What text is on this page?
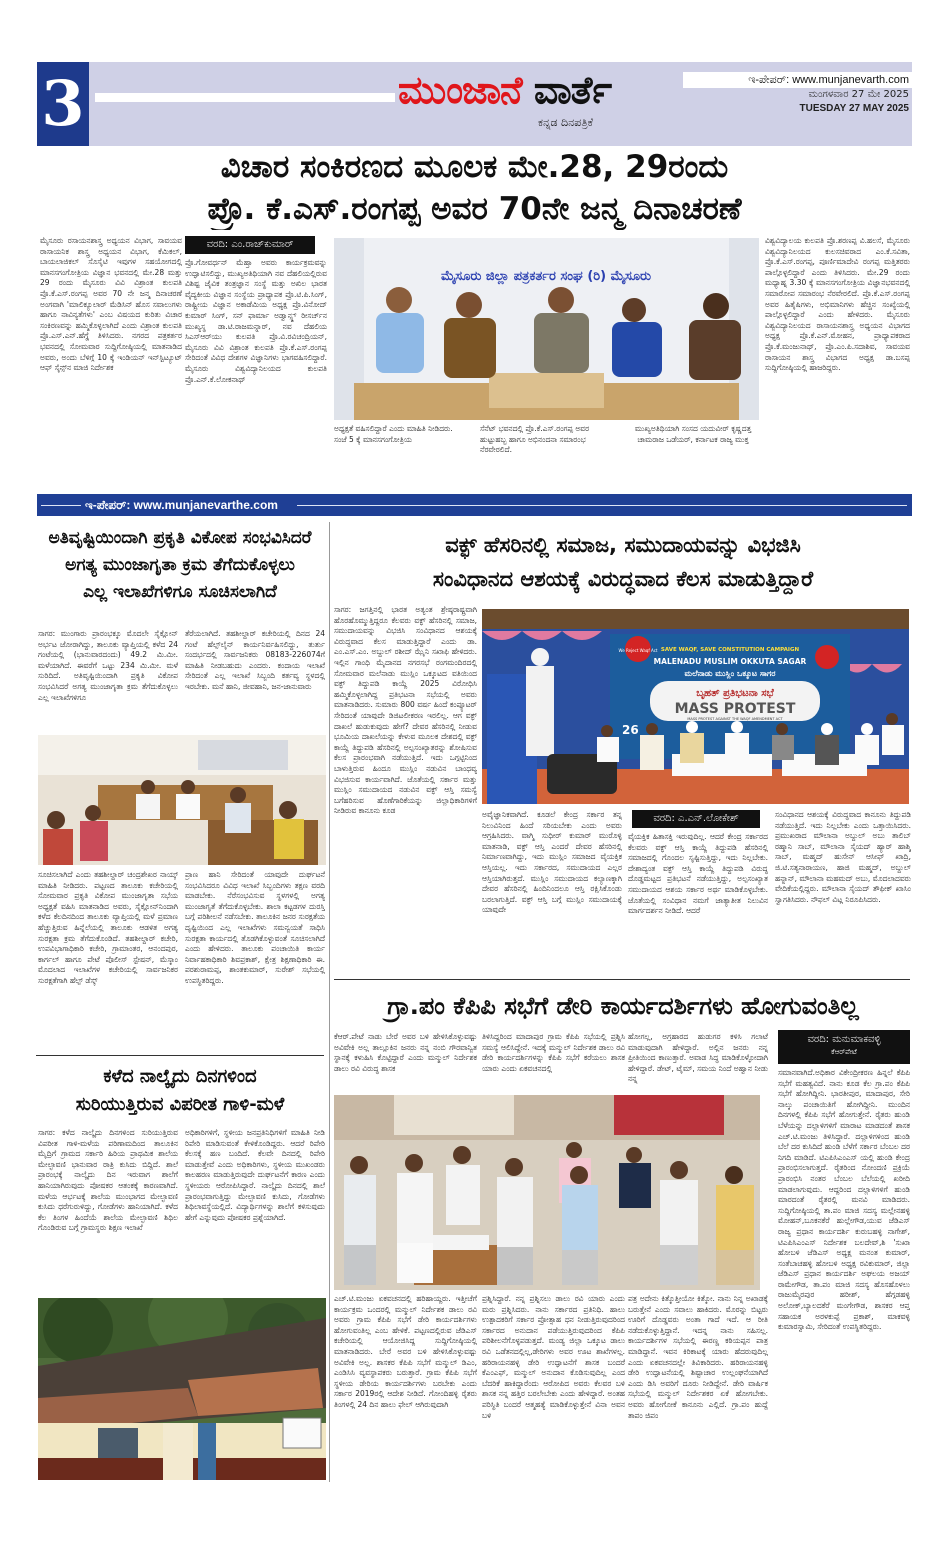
3	ಮುಂಜಾನೆ ವಾರ್ತೆ
ಕನ್ನಡ ದಿನಪತ್ರಿಕೆ
ಇ-ಪೇಪರ್: www.munjanevarth.com
ಮಂಗಳವಾರ 27 ಮೇ 2025
TUESDAY 27 MAY 2025
ವಿಚಾರ ಸಂಕಿರಣದ ಮೂಲಕ ಮೇ.28, 29ರಂದು
ಪ್ರೊ. ಕೆ.ಎಸ್.ರಂಗಪ್ಪ ಅವರ 70ನೇ ಜನ್ಮ ದಿನಾಚರಣೆ
ಮೈಸೂರು ರಸಾಯನಶಾಸ್ತ್ರ ಅಧ್ಯಯನ ವಿಭಾಗ, ಸಾವಯವ ರಾಸಾಯನಿಕ ಶಾಸ್ತ್ರ ಅಧ್ಯಯನ ವಿಭಾಗ, ಕೆಮಿಕಲ್, ಬಾಯಲಾಜಿಕಲ್ ಸೊಸೈಟಿ ಇವುಗಳ ಸಹಯೋಗದಲ್ಲಿ ಮಾನಸಗಂಗೋತ್ರಿಯ ವಿಜ್ಞಾನ ಭವನದಲ್ಲಿ ಮೇ.28 ಮತ್ತು 29 ರಂದು ಮೈಸೂರು ವಿವಿ ವಿಶ್ರಾಂತ ಕುಲಪತಿ ಪ್ರೊ.ಕೆ.ಎಸ್.ರಂಗಪ್ಪ ಅವರ 70 ನೇ ಜನ್ಮ ದಿನಾಚರಣೆ ಅಂಗವಾಗಿ 'ಮಾಲಿಕ್ಯೂಲಾರ್ ಮೆಡಿಸಿನ್ ಹೊಸ ಸವಾಲುಗಳು ಹಾಗೂ ನಾವಿನ್ಯತೆಗಳು' ಎಂಬ ವಿಷಯದ ಕುರಿತು ವಿಚಾರ ಸಂಕಿರಣವನ್ನು ಹಮ್ಮಿಕೊಳ್ಳಲಾಗಿದೆ ಎಂದು ವಿಶ್ರಾಂತ ಕುಲಪತಿ ಪ್ರೊ.ಎಸ್.ಎನ್.ಹೆಗ್ಡೆ ತಿಳಿಸಿದರು. ನಗರದ ಪತ್ರಕರ್ತರ ಭವನದಲ್ಲಿ ಸೋಮವಾರ ಸುದ್ದಿಗೋಷ್ಠಿಯಲ್ಲಿ ಮಾತನಾಡಿದ ಅವರು, ಅಂದು ಬೆಳಿಗ್ಗೆ 10 ಕ್ಕೆ ಇಂಡಿಯನ್ ಇನ್‌ಸ್ಟಿಟ್ಯೂಟ್ ಆಫ್ ಸೈನ್ಸ್‌ನ ಮಾಜಿ ನಿರ್ದೇಶಕ
ವರದಿ: ಎಂ.ರಾಜ್‌ಕುಮಾರ್
ಪ್ರೊ.ಗೋವರ್ಧನ್ ಮೆಹ್ತಾ ಅವರು ಕಾರ್ಯಕ್ರಮವನ್ನು ಉದ್ಘಾಟಿಸಲಿದ್ದು, ಮುಖ್ಯಅತಿಥಿಯಾಗಿ ನವ ದೆಹಲಿಯಲ್ಲಿರುವ ವಿಶಿಷ್ಟ ಜೈವಿಕ ತಂತ್ರಜ್ಞಾನ ಸಂಸ್ಥೆ ಮತ್ತು ಅಖಿಲ ಭಾರತ ವೈದ್ಯಕೀಯ ವಿಜ್ಞಾನ ಸಂಸ್ಥೆಯ ಪ್ರಾಧ್ಯಾಪಕ ಪ್ರೊ.ಟಿ.ಪಿ.ಸಿಂಗ್, ರಾಷ್ಟ್ರೀಯ ವಿಜ್ಞಾನ ಅಕಾಡೆಮಿಯ ಅಧ್ಯಕ್ಷ ಪ್ರೊ.ವಿನೋದ್ ಕುಮಾರ್ ಸಿಂಗ್, ಸನ್ ಫಾರ್ಮಾ ಅಡ್ವಾನ್ಸ್ಡ್ ರೀಸರ್ಚ್‌ನ ಮುಖ್ಯಸ್ಥ ಡಾ.ಟಿ.ರಾಜಮನ್ನಾರ್, ನವ ದೆಹಲಿಯ ಸಿಎಸ್‌ಆರ್‌ಯು ಕುಲಪತಿ ಪ್ರೊ.ವಿ.ರವಿಚಂದ್ರಿಯನ್, ಮೈಸೂರು ವಿವಿ ವಿಶ್ರಾಂತ ಕುಲಪತಿ ಪ್ರೊ.ಕೆ.ಎಸ್.ರಂಗಪ್ಪ ಸೇರಿದಂತೆ ವಿವಿಧ ದೇಶಗಳ ವಿಜ್ಞಾನಿಗಳು ಭಾಗವಹಿಸಲಿದ್ದಾರೆ. ಮೈಸೂರು ವಿಶ್ವವಿದ್ಯಾನಿಲಯದ ಕುಲಪತಿ ಪ್ರೊ.ಎನ್.ಕೆ.ಲೋಕನಾಥ್
ಮೈಸೂರು ಜಿಲ್ಲಾ ಪತ್ರಕರ್ತರ ಸಂಘ (ರಿ) ಮೈಸೂರು
ಅಧ್ಯಕ್ಷತೆ ವಹಿಸಲಿದ್ದಾರೆ ಎಂದು ಮಾಹಿತಿ ನೀಡಿದರು. ಸಂಜೆ 5 ಕ್ಕೆ ಮಾನಸಗಂಗೋತ್ರಿಯ
ಸೆನೆಟ್ ಭವನದಲ್ಲಿ ಪ್ರೊ.ಕೆ.ಎಸ್.ರಂಗಪ್ಪ ಅವರ ಹುಟ್ಟುಹಬ್ಬ ಹಾಗೂ ಅಭಿನಂದನಾ ಸಮಾರಂಭ ನೆರವೇರಲಿದೆ.
ಮುಖ್ಯಅತಿಥಿಯಾಗಿ ಸಂಸದ ಯದುವೀರ್ ಕೃಷ್ಣದತ್ತ ಚಾಮರಾಜ ಒಡೆಯರ್, ಕರ್ನಾಟಕ ರಾಜ್ಯ ಮುಕ್ತ
ವಿಶ್ವವಿದ್ಯಾಲಯ ಕುಲಪತಿ ಪ್ರೊ.ಶರಣಪ್ಪ ವಿ.ಹಲಸೆ, ಮೈಸೂರು ವಿಶ್ವವಿದ್ಯಾನಿಲಯದ ಕುಲಸಚಿವರಾದ ಎಂ.ಕೆ.ಸವಿತಾ, ಪ್ರೊ.ಕೆ.ಎಸ್.ರಂಗಪ್ಪ, ಪೂರ್ಣಿಮಾದೇವಿ ರಂಗಪ್ಪ ಮತ್ತಿತರರು ಪಾಲ್ಗೊಳ್ಳಲಿದ್ದಾರೆ ಎಂದು ತಿಳಿಸಿದರು. ಮೇ.29 ರಂದು ಮಧ್ಯಾಹ್ನ 3.30 ಕ್ಕೆ ಮಾನಸಗಂಗೋತ್ರಿಯ ವಿಜ್ಞಾನಭವನದಲ್ಲಿ ಸಮಾರೋಪ ಸಮಾರಂಭ ನೆರವೇರಲಿದೆ. ಪ್ರೊ.ಕೆ.ಎಸ್.ರಂಗಪ್ಪ ಅವರ ಹಿತೈಷಿಗಳು, ಅಭಿಮಾನಿಗಳು ಹೆಚ್ಚಿನ ಸಂಖ್ಯೆಯಲ್ಲಿ ಪಾಲ್ಗೊಳ್ಳಲಿದ್ದಾರೆ ಎಂದು ಹೇಳಿದರು. ಮೈಸೂರು ವಿಶ್ವವಿದ್ಯಾನಿಲಯದ ರಾಸಾಯನಶಾಸ್ತ್ರ ಅಧ್ಯಯನ ವಿಭಾಗದ ಅಧ್ಯಕ್ಷ ಪ್ರೊ.ಕೆ.ಎನ್.ಮೋಹನ, ಪ್ರಾಧ್ಯಾಪಕರಾದ ಪ್ರೊ.ಕೆ.ಮಂಜುನಾಥ್, ಪ್ರೊ.ಎಂ.ಪಿ.ಸದಾಶಿವ, ಸಾವಯವ ರಾಸಾಯನ ಶಾಸ್ತ್ರ ವಿಭಾಗದ ಅಧ್ಯಕ್ಷ ಡಾ.ಬಸಪ್ಪ ಸುದ್ದಿಗೋಷ್ಠಿಯಲ್ಲಿ ಹಾಜರಿದ್ದರು.
ಇ-ಪೇಪರ್: www.munjanevarthe.com
ಅತಿವೃಷ್ಟಿಯಿಂದಾಗಿ ಪ್ರಕೃತಿ ವಿಕೋಪ ಸಂಭವಿಸಿದರೆ
ಅಗತ್ಯ ಮುಂಜಾಗೃತಾ ಕ್ರಮ ತೆಗೆದುಕೊಳ್ಳಲು
ಎಲ್ಲ ಇಲಾಖೆಗಳಿಗೂ ಸೂಚಿಸಲಾಗಿದೆ
ಸಾಗರ: ಮುಂಗಾರು ಪ್ರಾರಂಭಕ್ಕೂ ಮೊದಲೇ ಸೈಕ್ಲೋನ್ ಅರ್ಭಟ ಜೋರಾಗಿದ್ದು, ತಾಲೂಕು ವ್ಯಾಪ್ತಿಯಲ್ಲಿ ಕಳೆದ 24 ಗಂಟೆಯಲ್ಲಿ (ಭಾನುವಾರದಂದು) 49.2 ಮಿ.ಮೀ. ಮಳೆಯಾಗಿದೆ. ಈವರೆಗೆ ಒಟ್ಟು 234 ಮಿ.ಮೀ. ಮಳೆ ಸುರಿದಿದೆ. ಅತಿವೃಷ್ಟಿಯಿಂದಾಗಿ ಪ್ರಕೃತಿ ವಿಕೋಪ ಸಂಭವಿಸಿದರೆ ಅಗತ್ಯ ಮುಂಜಾಗೃತಾ ಕ್ರಮ ತೆಗೆದುಕೊಳ್ಳಲು ಎಲ್ಲ ಇಲಾಖೆಗಳಿಗೂ
ತೆರೆಯಲಾಗಿದೆ. ತಹಶೀಲ್ದಾರ್ ಕಚೇರಿಯಲ್ಲಿ ದಿನದ 24 ಗಂಟೆ ಹೆಲ್ಪ್‌ಲೈನ್ ಕಾರ್ಯನಿರ್ವಹಿಸಲಿದ್ದು, ತುರ್ತು ಸಂದರ್ಭದಲ್ಲಿ ಸಾರ್ವಜನಿಕರು 08183-226074ಗೆ ಮಾಹಿತಿ ನೀಡಬಹುದು ಎಂದರು. ಕಂದಾಯ ಇಲಾಖೆ ಸೇರಿದಂತೆ ಎಲ್ಲ ಇಲಾಖೆ ಸಿಬ್ಬಂದಿ ಕರ್ತವ್ಯ ಸ್ಥಳದಲ್ಲಿ ಇರಬೇಕು. ಮನೆ ಹಾನಿ, ಜೀವಹಾನಿ, ಜನ-ಜಾನುವಾರು
ಸೂಚಿಸಲಾಗಿದೆ ಎಂದು ತಹಶೀಲ್ದಾರ್ ಚಂದ್ರಶೇಖರ ನಾಯ್ಕ್ ಮಾಹಿತಿ ನೀಡಿದರು. ಪಟ್ಟಣದ ತಾಲೂಕು ಕಚೇರಿಯಲ್ಲಿ ಸೋಮವಾರ ಪ್ರಕೃತಿ ವಿಕೋಪ ಮುಂಜಾಗೃತಾ ಸಭೆಯ ಅಧ್ಯಕ್ಷತೆ ವಹಿಸಿ ಮಾತನಾಡಿದ ಅವರು, ಸೈಕ್ಲೋನ್‌ನಿಂದಾಗಿ ಕಳೆದ ಕೆಲದಿನದಿಂದ ತಾಲೂಕು ವ್ಯಾಪ್ತಿಯಲ್ಲಿ ಮಳೆ ಪ್ರಮಾಣ ಹೆಚ್ಚುತ್ತಿರುವ ಹಿನ್ನೆಲೆಯಲ್ಲಿ ತಾಲೂಕು ಆಡಳಿತ ಅಗತ್ಯ ಸುರಕ್ಷತಾ ಕ್ರಮ ತೆಗೆದುಕೊಂಡಿದೆ. ತಹಶೀಲ್ದಾರ್ ಕಚೇರಿ, ಉಪವಿಭಾಗಾಧಿಕಾರಿ ಕಚೇರಿ, ಗ್ರಾಮಾಂತರ, ಆನಂದಪುರ, ಕಾರ್ಗಲ್ ಹಾಗೂ ಪೇಟೆ ಪೊಲೀಸ್ ಸ್ಟೇಷನ್, ಮೆಸ್ಕಾಂ ಮೊದಲಾದ ಇಲಾಖೆಗಳ ಕಚೇರಿಯಲ್ಲಿ ಸಾರ್ವಜನಿಕರ ಸುರಕ್ಷತೆಗಾಗಿ ಹೆಲ್ಪ್ ಡೆಸ್ಕ್
ಪ್ರಾಣ ಹಾನಿ ಸೇರಿದಂತೆ ಯಾವುದೇ ದುರ್ಘಟನೆ ಸಂಭವಿಸಿದರೂ ವಿವಿಧ ಇಲಾಖೆ ಸಿಬ್ಬಂದಿಗಳು ತಕ್ಷಣ ವರದಿ ಮಾಡಬೇಕು. ನೆರೆಸಂಭವಿಸುವ ಸ್ಥಳಗಳಲ್ಲಿ ಅಗತ್ಯ ಮುಂಜಾಗೃತೆ ತೆಗೆದುಕೊಳ್ಳಬೇಕು. ಶಾಲಾ ಕಟ್ಟಡಗಳ ದುರಸ್ತಿ ಬಗ್ಗೆ ಪರಿಶೀಲನೆ ನಡೆಸಬೇಕು. ತಾಲೂಕಿನ ಜನರ ಸುರಕ್ಷತೆಯ ದೃಷ್ಟಿಯಿಂದ ಎಲ್ಲ ಇಲಾಖೆಗಳು ಸಮನ್ವಯತೆ ಸಾಧಿಸಿ ಸುರಕ್ಷತಾ ಕಾರ್ಯದಲ್ಲಿ ತೊಡಗಿಕೊಳ್ಳುವಂತೆ ಸೂಚಿಸಲಾಗಿದೆ ಎಂದು ಹೇಳಿದರು. ತಾಲೂಕು ಪಂಚಾಯಿತಿ ಕಾರ್ಯ ನಿರ್ವಾಹಕಾಧಿಕಾರಿ ಶಿವಪ್ರಕಾಶ್, ಕ್ಷೇತ್ರ ಶಿಕ್ಷಣಾಧಿಕಾರಿ ಈ. ಪರಶುರಾಮಪ್ಪ, ಶಾಂತಕುಮಾರ್, ಸುರೇಶ್ ಸಭೆಯಲ್ಲಿ ಉಪಸ್ಥಿತರಿದ್ದರು.
ಕಳೆದ ನಾಲ್ಕೈದು ದಿನಗಳಿಂದ
ಸುರಿಯುತ್ತಿರುವ ವಿಪರೀತ ಗಾಳಿ-ಮಳೆ
ಸಾಗರ: ಕಳೆದ ನಾಲ್ಕೈದು ದಿನಗಳಿಂದ ಸುರಿಯುತ್ತಿರುವ ವಿಪರೀತ ಗಾಳಿ-ಮಳೆಯ ಪರಿಣಾಮದಿಂದ ತಾಲೂಕಿನ ಮೈದ್ರಿಗೆ ಗ್ರಾಮದ ಸರ್ಕಾರಿ ಹಿರಿಯ ಪ್ರಾಥಮಿಕ ಶಾಲೆಯ ಮೇಲ್ಛಾವಣಿ ಭಾನುವಾರ ರಾತ್ರಿ ಕುಸಿದು ಬಿದ್ದಿದೆ. ಶಾಲೆ ಪ್ರಾರಂಭಕ್ಕೆ ನಾಲ್ಕೈದು ದಿನ ಇರುವಾಗ ಶಾಲೆಗೆ ಹಾನಿಯಾಗಿರುವುದು ಪೋಷಕರ ಆತಂಕಕ್ಕೆ ಕಾರಣವಾಗಿದೆ. ಮಳೆಯ ಆರ್ಭಟಕ್ಕೆ ಶಾಲೆಯ ಮುಂಭಾಗದ ಮೇಲ್ಛಾವಣಿ ಕುಸಿದು ಧರೆಗುರುಳಿದ್ದು, ಗೋಡೆಗಳು ಹಾನಿಯಾಗಿದೆ. ಕಳೆದ ಕೆಲ ತಿಂಗಳ ಹಿಂದೆಯೆ ಶಾಲೆಯ ಮೇಲ್ಛಾವಣಿ ಶಿಥಿಲ ಗೊಂಡಿರುವ ಬಗ್ಗೆ ಗ್ರಾಮಸ್ಥರು ಶಿಕ್ಷಣ ಇಲಾಖೆ
ಅಧಿಕಾರಿಗಳಿಗೆ, ಸ್ಥಳೀಯ ಜನಪ್ರತಿನಿಧಿಗಳಿಗೆ ಮಾಹಿತಿ ನೀಡಿ ರಿಪೇರಿ ಮಾಡಿಸುವಂತೆ ಕೇಳಿಕೊಂಡಿದ್ದರು. ಆದರೆ ರಿಪೇರಿ ಕೆಲಸಕ್ಕೆ ಹಣ ಬಂದಿದೆ. ಕೆಲವೇ ದಿನದಲ್ಲಿ ರಿಪೇರಿ ಮಾಡುತ್ತೇವೆ ಎಂದು ಅಧಿಕಾರಿಗಳು, ಸ್ಥಳೀಯ ಮುಖಂಡರು ಕಾಲಹರಣ ಮಾಡುತ್ತಿರುವುದೇ ದುರ್ಘಟನೆಗೆ ಕಾರಣ ಎಂದು ಸ್ಥಳೀಯರು ಆರೋಪಿಸಿದ್ದಾರೆ. ನಾಲ್ಕೈದು ದಿನದಲ್ಲಿ ಶಾಲೆ ಪ್ರಾರಂಭವಾಗುತ್ತಿದ್ದು ಮೇಲ್ಛಾವಣಿ ಕುಸಿದು, ಗೋಡೆಗಳು ಶಿಥಿಲಾವಸ್ಥೆಯಲ್ಲಿದೆ. ವಿದ್ಯಾರ್ಥಿಗಳನ್ನು ಶಾಲೆಗೆ ಕಳಿಸುವುದು ಹೇಗೆ ಎನ್ನುವುದು ಪೋಷಕರ ಪ್ರಶ್ನೆಯಾಗಿದೆ.
ವಕ್ಫ್ ಹೆಸರಿನಲ್ಲಿ ಸಮಾಜ, ಸಮುದಾಯವನ್ನು ವಿಭಜಿಸಿ
ಸಂವಿಧಾನದ ಆಶಯಕ್ಕೆ ವಿರುದ್ಧವಾದ ಕೆಲಸ ಮಾಡುತ್ತಿದ್ದಾರೆ
ಸಾಗರ: ಜಗತ್ತಿನಲ್ಲಿ ಭಾರತ ಅತ್ಯಂತ ಶ್ರೇಷ್ಠರಾಷ್ಟ್ರವಾಗಿ ಹೊರಹೊಮ್ಮುತ್ತಿದ್ದರೂ ಕೆಲವರು ವಕ್ಫ್ ಹೆಸರಿನಲ್ಲಿ ಸಮಾಜ, ಸಮುದಾಯವನ್ನು ವಿಭಜಿಸಿ ಸಂವಿಧಾನದ ಆಶಯಕ್ಕೆ ವಿರುದ್ಧವಾದ ಕೆಲಸ ಮಾಡುತ್ತಿದ್ದಾರೆ ಎಂದು ಡಾ. ಎಂ.ಎಸ್.ಎಂ. ಅಬ್ದುಲ್ ರಶೀದ್ ಝೈನಿ ಸಖಾಫಿ ಹೇಳಿದರು. ಇಲ್ಲಿನ ಗಾಂಧಿ ಮೈದಾನದ ನಗರಸಭೆ ರಂಗಮಂದಿರದಲ್ಲಿ ಸೋಮವಾರ ಮಲೆನಾಡು ಮುಸ್ಲಿಂ ಒಕ್ಕೂಟದ ವತಿಯಿಂದ ವಕ್ಫ್ ತಿದ್ದುಪಡಿ ಕಾಯ್ದೆ 2025 ವಿರೋಧಿಸಿ ಹಮ್ಮಿಕೊಳ್ಳಲಾಗಿದ್ದ ಪ್ರತಿಭಟನಾ ಸಭೆಯಲ್ಲಿ ಅವರು ಮಾತನಾಡಿದರು. ಸುಮಾರು 800 ವರ್ಷ ಹಿಂದೆ ಕಂಪ್ಯೂಟರ್ ಸೇರಿದಂತೆ ಯಾವುದೇ ಡಿಜಿಟಲೀಕರಣ ಇರಲಿಲ್ಲ. ಆಗ ವಕ್ಫ್ ದಾಖಲೆ ಹುಡುಕುವುದು ಹೇಗೆ? ದೇವರ ಹೆಸರಿನಲ್ಲಿ ನೀಡುವ ಭೂಮಿಯ ದಾಖಲೆಯನ್ನು ಕೇಳುವ ಮೂಲಕ ದೇಶದಲ್ಲಿ ವಕ್ಫ್ ಕಾಯ್ದೆ ತಿದ್ದುಪಡಿ ಹೆಸರಿನಲ್ಲಿ ಅಲ್ಪಸಂಖ್ಯಾತರನ್ನು ಶೋಷಿಸುವ ಕೆಲಸ ಪ್ರಾರಂಭವಾಗಿ ನಡೆಯುತ್ತಿದೆ. ಇದು ಒಗ್ಗಟ್ಟಿನಿಂದ ಬಾಳುತ್ತಿರುವ ಹಿಂದೂ ಮುಸ್ಲಿಂ ನಡುವಿನ ಬಾಂಧವ್ಯ ವಿಭಜಿಸುವ ಕಾರ್ಯವಾಗಿದೆ. ಜೊತೆಯಲ್ಲಿ ಸರ್ಕಾರ ಮತ್ತು ಮುಸ್ಲಿಂ ಸಮುದಾಯದ ನಡುವಿನ ವಕ್ಫ್ ಆಸ್ತಿ ಸಮಸ್ಯೆ ಬಗೆಹರಿಸುವ ಹೊಣೆಗಾರಿಕೆಯನ್ನು ಜಿಲ್ಲಾಧಿಕಾರಿಗಳಿಗೆ ನೀಡಿರುವ ಕಾನೂನು ಕೂಡ
SAVE WAQF, SAVE CONSTITUTION CAMPAIGN
MALENADU MUSLIM OKKUTA SAGAR
ಮಲೆನಾಡು ಮುಸ್ಲಿಂ ಒಕ್ಕೂಟ ಸಾಗರ
ಬೃಹತ್ ಪ್ರತಿಭಟನಾ ಸಭೆ
MASS PROTEST
MASS PROTEST AGAINST THE WAQF AMENDMENT ACT
We Reject Waqf Act
26
ಅವೈಜ್ಞಾನಿಕವಾಗಿದೆ. ಕೂಡಲೆ ಕೇಂದ್ರ ಸರ್ಕಾರ ತನ್ನ ನಿಲುವಿನಿಂದ ಹಿಂದೆ ಸರಿಯಬೇಕು ಎಂದು ಅವರು ಆಗ್ರಹಿಸಿದರು. ವಾಗ್ಮಿ ಸುಧೀರ್ ಕುಮಾರ್ ಮುರೊಳ್ಳಿ ಮಾತನಾಡಿ, ವಕ್ಫ್ ಆಸ್ತಿ ಎಂದರೆ ದೇವರ ಹೆಸರಿನಲ್ಲಿ ನಿರ್ಮಾಣವಾಗಿದ್ದು, ಇದು ಮುಸ್ಲಿಂ ಸಮಾಜದ ವೈಯಕ್ತಿಕ ಆಸ್ತಿಯಲ್ಲ. ಇದು ಸರ್ಕಾರದ, ಸಮುದಾಯದ ಎಲ್ಲರ ಆಸ್ತಿಯಾಗಿರುತ್ತದೆ. ಮುಸ್ಲಿಂ ಸಮುದಾಯದ ಕಲ್ಯಾಣಕ್ಕಾಗಿ ದೇವರ ಹೆಸರಿನಲ್ಲಿ ಹಿಂದಿನಿಂದಲೂ ಆಸ್ತಿ ರಕ್ಷಿಸಿಕೊಂಡು ಬರಲಾಗುತ್ತಿದೆ. ವಕ್ಫ್ ಆಸ್ತಿ ಬಗ್ಗೆ ಮುಸ್ಲಿಂ ಸಮುದಾಯಕ್ಕೆ ಯಾವುದೇ
ವರದಿ: ಎ.ಎನ್.ಲೋಕೇಶ್
ವೈಯಕ್ತಿಕ ಹಿತಾಸಕ್ತಿ ಇರುವುದಿಲ್ಲ. ಆದರೆ ಕೇಂದ್ರ ಸರ್ಕಾರದ ಕೆಲವರು ವಕ್ಫ್ ಆಸ್ತಿ ಕಾಯ್ದೆ ತಿದ್ದುಪಡಿ ಹೆಸರಿನಲ್ಲಿ ಸಮಾಜದಲ್ಲಿ ಗೊಂದಲ ಸೃಷ್ಟಿಸುತ್ತಿದ್ದು, ಇದು ನಿಲ್ಲಬೇಕು. ದೇಶಾದ್ಯಂತ ವಕ್ಫ್ ಆಸ್ತಿ ಕಾಯ್ದೆ ತಿದ್ದುಪಡಿ ವಿರುದ್ಧ ದೊಡ್ಡಮಟ್ಟದ ಪ್ರತಿಭಟನೆ ನಡೆಯುತ್ತಿದ್ದು, ಅಲ್ಪಸಂಖ್ಯಾತ ಸಮುದಾಯದ ಆಶಯ ಸರ್ಕಾರ ಅರ್ಥ ಮಾಡಿಕೊಳ್ಳಬೇಕು. ಜೊತೆಯಲ್ಲಿ ಸಂವಿಧಾನ ನಮಗೆ ಜಾತ್ಯಾತೀತ ನಿಲುವಿನ ಮಾರ್ಗದರ್ಶನ ನೀಡಿದೆ. ಆದರೆ
ಸಂವಿಧಾನದ ಆಶಯಕ್ಕೆ ವಿರುದ್ಧವಾದ ಕಾನೂನು ತಿದ್ದುಪಡಿ ನಡೆಯುತ್ತಿದೆ. ಇದು ನಿಲ್ಲಬೇಕು ಎಂದು ಒತ್ತಾಯಿಸಿದರು. ಪ್ರಮುಖರಾದ ಮೌಲಾನಾ ಅಬ್ದುಲ್ ಅಬು ತಾಲಿಬ್ ರಹ್ಮಾನಿ ಸಾಬ್, ಮೌಲಾನಾ ಸೈಯದ್ ಹ್ಯಾರ್ ಹಾಶ್ಮಿ ಸಾಬ್, ಮಹ್ಮದ್ ಹುಸೇನ್ ಆಸೀಫ್ ಖಾದ್ರಿ, ಜಿ.ಟಿ.ಸತ್ಯನಾರಾಯಣ, ಹಾಜಿ ಮಹ್ಮದ್, ಅಬ್ದುಲ್ ಹನ್ನಾನ್, ಮೌಲಾನಾ ಮಹಮದ್ ಅಬು, ಮೊದಲಾದವರು ವೇದಿಕೆಯಲ್ಲಿದ್ದರು. ಮೌಲಾನಾ ಸೈಯದ್ ತೌಫೀಕ್ ಖಾಸಿಂ ಸ್ವಾಗತಿಸಿದರು. ನೌಫಲ್ ವಿಟ್ಲ ನಿರೂಪಿಸಿದರು.
ಗ್ರಾ.ಪಂ ಕೆಪಿಪಿ ಸಭೆಗೆ ಡೇರಿ ಕಾರ್ಯದರ್ಶಿಗಳು ಹೋಗುವಂತಿಲ್ಲ
ಕೆಆರ್.ಪೇಟೆ ನಾಡು ಬೇರೆ ಅವರ ಬಳಿ ಹೇಳಿಸಿಕೊಳ್ಳುವಷ್ಟು ಅವಿವೇಕಿ ಅಲ್ಲ ತಾಲ್ಲೂಕಿನ ಜನರು ನನ್ನ ನಂಬಿ ಗೌರವಾನ್ವಿತ ಸ್ಥಾನಕ್ಕೆ ಕಳುಹಿಸಿ ಕೊಟ್ಟಿದ್ದಾರೆ ಎಂದು ಮನ್ಮುಲ್ ನಿರ್ದೇಶಕ ಡಾಲು ರವಿ ವಿರುದ್ಧ ಶಾಸಕ
ತಿಳಿಸಿದ್ದರಿಂದ ಮಾದಾಪುರ ಗ್ರಾಮ ಕೆಪಿಪಿ ಸಭೆಯಲ್ಲಿ ಪ್ರಶ್ನಿಸಿ ಸಮಸ್ಯೆ ಆಲಿಸಿದ್ದೇನೆ. ಇದಕ್ಕೆ ಮನ್ಮುಲ್ ನಿರ್ದೇಶಕ ಡಾಲು ರವಿ ಡೇರಿ ಕಾರ್ಯದರ್ಶಿಗಳನ್ನು ಕೆಪಿಪಿ ಸಭೆಗೆ ಕರೆಯಲು ಶಾಸಕ ಯಾರು ಎಂದು ಏಕವಚನದಲ್ಲಿ
ಹೋಗಲ್ಲ, ಅಗ್ರಹಾರದ ಹುಡುಗರ ಕಳಿಸಿ ಗಲಾಟೆ ಮಾಡುವುದಾಗಿ ಹೇಳಿದ್ದಾರೆ. ಅಲ್ಲಿನ ಜನರು ನನ್ನ ಪ್ರೀತಿಯಿಂದ ಕಾಣುತ್ತಾರೆ. ಅವಾಡ ಸಿದ್ಧ ಮಾಡಿಕೊಳ್ಳೋದಾಗಿ ಹೇಳಿದ್ದಾರೆ. ಡೇಟ್, ಟೈಮ್, ಸಮಯ ನಿಂದೆ ಅಹ್ವಾನ ನೀಡು ನನ್ನ
ವರದಿ: ಮನುಮಾಕವಳ್ಳಿ
ಕೆಆರ್‌ಪೇಟೆ
ಸಮಾನವಾಗಿದೆ.ಅಧಿಕಾರ ವಿಕೇಂದ್ರೀಕರಣ ಹಿನ್ನಲೆ ಕೆಪಿಪಿ ಸಭೆಗೆ ಮಹತ್ವವಿದೆ. ನಾನು ಕೂಡ ಕೆಲ ಗ್ರಾ.ಪಂ ಕೆಪಿಪಿ ಸಭೆಗೆ ಹೋಗಿದ್ದೀನಿ. ಭಾರತೀಪುರ, ಮಾದಾಪುರ, ಸೇರಿ ನಾಲ್ಕು ಪಂಚಾಯಿತಿಗೆ ಹೋಗಿದ್ದೀನಿ. ಮುಂದಿನ ದಿನಗಳಲ್ಲಿ ಕೆಪಿಪಿ ಸಭೆಗೆ ಹೋಗುತ್ತೇನೆ. ರೈತರು ಹುಂಡಿ ಬೆಳೆಯನ್ನು ದಲ್ಲಾಳಿಗಳಿಗೆ ಮಾರಾಟ ಮಾಡದಂತೆ ಶಾಸಕ ಎಚ್.ಟಿ.ಮಂಜು ತಿಳಿಸಿದ್ದಾರೆ. ದಲ್ಲಾಳಿಗಳಿಂದ ಹುಂಡಿ ಬೆಲೆ ದರ ಕುಸಿದಿದೆ ಹುಂಡಿ ಬೆಳೆಗೆ ಸರ್ಕಾರ ಬೆಂಬಲ ದರ ನಿಗದಿ ಮಾಡಿದೆ. ಟಿಎಪಿಸಿಎಂಎಸ್ ಯಲ್ಲಿ ಹುಂಡಿ ಕೇಂದ್ರ ಪ್ರಾರಂಭಿಸಲಾಗುತ್ತದೆ. ರೈತರಿಂದ ನೋಂದಣಿ ಪ್ರಕ್ರಿಯೆ ಪ್ರಾರಂಭಿಸಿ ನಂತರ ಬೆಂಬಲ ಬೆಲೆಯಲ್ಲಿ ಖರೀದಿ ಮಾಡಲಾಗುವುದು. ಆದ್ದರಿಂದ ದಲ್ಲಾಳಿಗಳಿಗೆ ಹುಂಡಿ ಮಾರದಂತೆ ರೈತರಲ್ಲಿ ಮನವಿ ಮಾಡಿದರು. ಸುದ್ದಿಗೋಷ್ಠಿಯಲ್ಲಿ ತಾ.ಪಂ ಮಾಜಿ ಸದಸ್ಯ ಮಲ್ಲೇನಹಳ್ಳಿ ಮೋಹನ್,ಬೂಕನಕೆರೆ ಹುಲ್ಲೇಗೌಡ,ಯುವ ಜೆಡಿಎಸ್ ರಾಜ್ಯ ಪ್ರಧಾನ ಕಾರ್ಯದರ್ಶಿ ಕುರುಬಹಳ್ಳಿ ನಾಗೇಶ್, ಟಿಎಪಿಸಿಎಂಎಸ್ ನಿರ್ದೇಶಕ ಬಲದೇವ್,ಶಿ 'ಸುಖಾ ಹೋಬಳಿ ಜೆಡಿಎಸ್ ಅಧ್ಯಕ್ಷ ಮನಂತ ಕುಮಾರ್, ಸಂತೆಬಾಚಹಳ್ಳಿ ಹೋಬಳಿ ಅಧ್ಯಕ್ಷ ರವಿಕುಮಾರ್, ಜಿಲ್ಲಾ ಜೆಡಿಎಸ್ ಪ್ರಧಾನ ಕಾರ್ಯದರ್ಶಿ ಅಘಲಯ ಅಜಯ್ ರಾಮೇಗೌಡ, ತಾ.ಪಂ ಮಾಜಿ ಸದಸ್ಯ ಹೊಸಹೊಳಲು ರಾಜುಮೈರಪುರ ಹರೀಶ್, ಹೆಗ್ಗಡಹಳ್ಳಿ ಅಲೋಕ್,ಬ್ಯಾಲದಕೆರೆ ಮಂಗೇಗೌಡ, ಶಾಸಕರ ಆಪ್ತ ಸಹಾಯಕ ಅರಳಕುಪ್ಪೆ ಪ್ರಕಾಶ್, ಮಾಕವಳ್ಳಿ ಕುಮಾರಸ್ವಾಮಿ, ಸೇರಿದಂತೆ ಉಪಸ್ಥಿತರಿದ್ದರು.
ಎಚ್.ಟಿ.ಮಂಜು ಏಕವಚನದಲ್ಲಿ ಹರಿಹಾಯ್ದರು. ಇತ್ತೀಚೆಗೆ ಕಾರ್ಯಕ್ರಮ ಒಂದರಲ್ಲಿ ಮನ್ಮುಲ್ ನಿರ್ದೇಶಕ ಡಾಲು ರವಿ ಅವರು ಗ್ರಾಮ ಕೆಪಿಪಿ ಸಭೆಗೆ ಡೇರಿ ಕಾರ್ಯದರ್ಶಿಗಳು ಹೋಗುವಂತಿಲ್ಲ ಎಂಬ ಹೇಳಿಕೆ. ಪಟ್ಟಣದಲ್ಲಿರುವ ಜೆಡಿಎಸ್ ಕಚೇರಿಯಲ್ಲಿ ಆಯೋಜಿಸಿದ್ದ ಸುದ್ದಿಗೋಷ್ಠಿಯಲ್ಲಿ ಮಾತನಾಡಿದರು. ಬೇರೆ ಅವರ ಬಳಿ ಹೇಳಿಸಿಕೊಳ್ಳುವಷ್ಟು ಅವಿವೇಕಿ ಅಲ್ಲ. ಶಾಸಕರ ಕೆಪಿಪಿ ಸಭೆಗೆ ಮನ್ಮುಲ್ ಡಿಎಂ, ಎಂಡಿಸಿಸಿ ವ್ಯವಸ್ಥಾಪಕರು ಬರುತ್ತಾರೆ. ಗ್ರಾಮ ಕೆಪಿಪಿ ಸಭೆಗೆ ಸ್ಥಳೀಯ ಡೇರಿಯ ಕಾರ್ಯದರ್ಶಿಗಳು ಬರಬೇಕು ಎಂದು ಸರ್ಕಾರ 2019ರಲ್ಲಿ ಆದೇಶ ನೀಡಿದೆ. ಗೋಂದಿಹಳ್ಳಿ ರೈತರು ತಿಂಗಳಲ್ಲಿ 24 ದಿನ ಹಾಲು ಫೇಲ್ ಆಗಿರುವುದಾಗಿ
ಪ್ರಶ್ನಿಸಿದ್ದಾರೆ. ನನ್ನ ಪ್ರಶ್ನಿಸಲು ಡಾಲು ರವಿ ಯಾರು ಎಂದು ಮರು ಪ್ರಶ್ನಿಸಿದರು. ನಾನು ಸರ್ಕಾರದ ಪ್ರತಿನಿಧಿ. ಹಾಲು ಉತ್ಪಾದಕರಿಗೆ ಸರ್ಕಾರ ಪ್ರೋತ್ಸಾಹ ಧನ ನೀಡುತ್ತಿರುವುದರಿಂದ ಸರ್ಕಾರದ ಅನುದಾನ ಪಡೆಯುತ್ತಿರುವುದರಿಂದ ಕೆಪಿಪಿ ಪರಿಶೀಲನೆಗೊಳ್ಳಪಡುತ್ತದೆ. ಮಂಡ್ಯ ಜಿಲ್ಲಾ ಒಕ್ಕೂಟ ಡಾಲು ರವಿ ಒಡೆತನದಲ್ಲಿಲ್ಲ,ಡೇರಿಗಳು ಅವರ ಊಟ ಶಾಖೆಗಳಲ್ಲ. ಹರಿರಾಯನಹಳ್ಳಿ ಡೇರಿ ಉದ್ಘಾಟನೆಗೆ ಶಾಸಕ ಬಂದರೆ ಕೆಎಂಎಫ್, ಮನ್ಮುಲ್ ಅನುದಾನ ಕೊಡಿಸುವುದಿಲ್ಲ ಎಂದ ಬೆದರಿಕೆ ಹಾಕಿದ್ದಾರೆಂದು ಆರೋಪಿದ ಅವರು ಕೆಲವರ ಬಳಿ ಶಾಸಕ ನನ್ನ ಹತ್ತಿರ ಬರಲೇಬೇಕು ಎಂದು ಹೇಳಿದ್ದಾರೆ. ಅಂತಹ ಪರಿಸ್ಥಿತಿ ಬಂದರೆ ಆತ್ಮಹತ್ಯೆ ಮಾಡಿಕೊಳ್ಳುತ್ತೇನೆ ವಿನಾ ಅವನ ಬಳಿ
ಪತ್ರ ಅದೇನು ಕಿತ್ಕೊತ್ತೀಯೋ ಕಿತ್ಕೋ. ನಾನು ನಿನ್ನ ಅಖಾಡಕ್ಕೆ ಬರುತ್ತೇನೆ ಎಂದು ಸವಾಲು ಹಾಕಿದರು. ಮೊರನ್ನು ಬಿಟ್ಟರು ಊರಿಗೆ ದೊಡ್ಡವರು ಅಂತಾ ಗಾದೆ ಇದೆ. ಆ ರೀತಿ ನಡೆದುಕೊಳ್ಳುತ್ತಿದ್ದಾನೆ. ಇದನ್ನ ನಾನು ಸಹಿಸಲ್ಲ. ಕಾರ್ಯದರ್ಶಿಗಳ ಸಭೆಯಲ್ಲಿ ಈರಣ್ಣ ಕಠಿಯಪ್ಪನ ಪಾತ್ರ ಮಾಡಿದ್ದಾನೆ. ಇವನ ಕಿರಿಕಾಟಕ್ಕೆ ಯಾರು ಹೆದರುವುದಿಲ್ಲ ಎಂದು ಏಕವಚನದಲ್ಲೇ ತಿವಿಕಾರಿದರು. ಹರಿರಾಯನಹಳ್ಳಿ ಡೇರಿ ಉದ್ಘಾಟನೆಯಲ್ಲಿ ಶಿಷ್ಟಾಚಾರ ಉಲ್ಲಂಘನೆಯಾಗಿದೆ ಎಂದು ಡಿಸಿ ಅವರಿಗೆ ದೂರು ನೀಡಿದ್ದೇನೆ. ಡೇರಿ ವಾರ್ಷಿಕ ಸಭೆಯಲ್ಲಿ ಮನ್ಮುಲ್ ನಿರ್ದೇಶಕರ ಏಕೆ ಹೋಗಬೇಕು. ಅವರು ಹೋಗೋಕೆ ಕಾನೂನು ಎಲ್ಲಿದೆ. ಗ್ರಾ.ಪಂ ಹುದ್ದೆ ತಾಪಂ ಜಿಪಂ
